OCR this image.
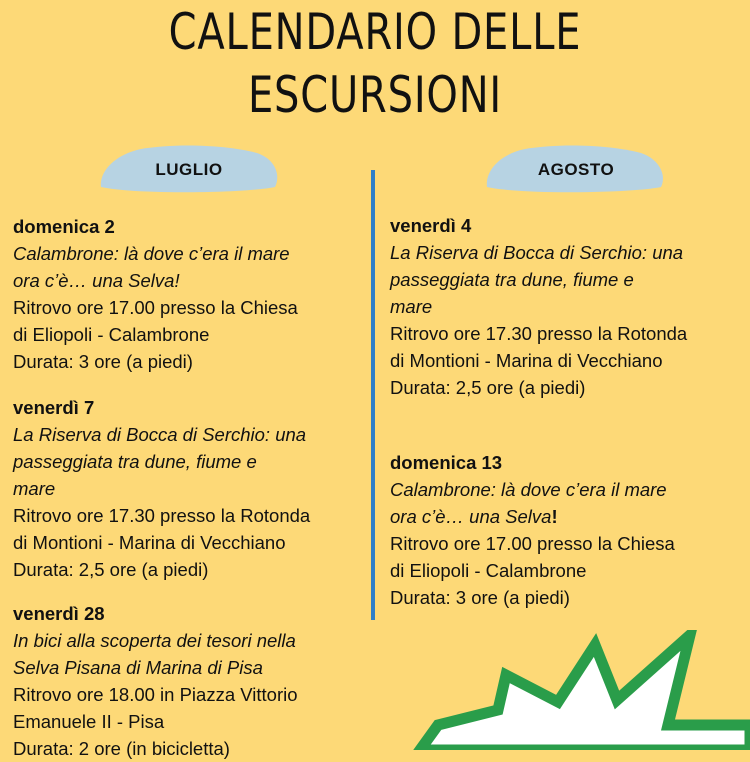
CALENDARIO DELLE
ESCURSIONI
LUGLIO	AGOSTO
domenica 2
Calambrone: là dove c’era il mare
ora c’è… una Selva!
Ritrovo ore 17.00 presso la Chiesa
di Eliopoli - Calambrone
Durata: 3 ore (a piedi)
venerdì 7
La Riserva di Bocca di Serchio: una
passeggiata tra dune, fiume e
mare
Ritrovo ore 17.30 presso la Rotonda
di Montioni - Marina di Vecchiano
Durata: 2,5 ore (a piedi)
venerdì 28
In bici alla scoperta dei tesori nella
Selva Pisana di Marina di Pisa
Ritrovo ore 18.00 in Piazza Vittorio
Emanuele II - Pisa
Durata: 2 ore (in bicicletta)
venerdì 4
La Riserva di Bocca di Serchio: una
passeggiata tra dune, fiume e
mare
Ritrovo ore 17.30 presso la Rotonda
di Montioni - Marina di Vecchiano
Durata: 2,5 ore (a piedi)
domenica 13
Calambrone: là dove c’era il mare
ora c’è… una Selva!
Ritrovo ore 17.00 presso la Chiesa
di Eliopoli - Calambrone
Durata: 3 ore (a piedi)
